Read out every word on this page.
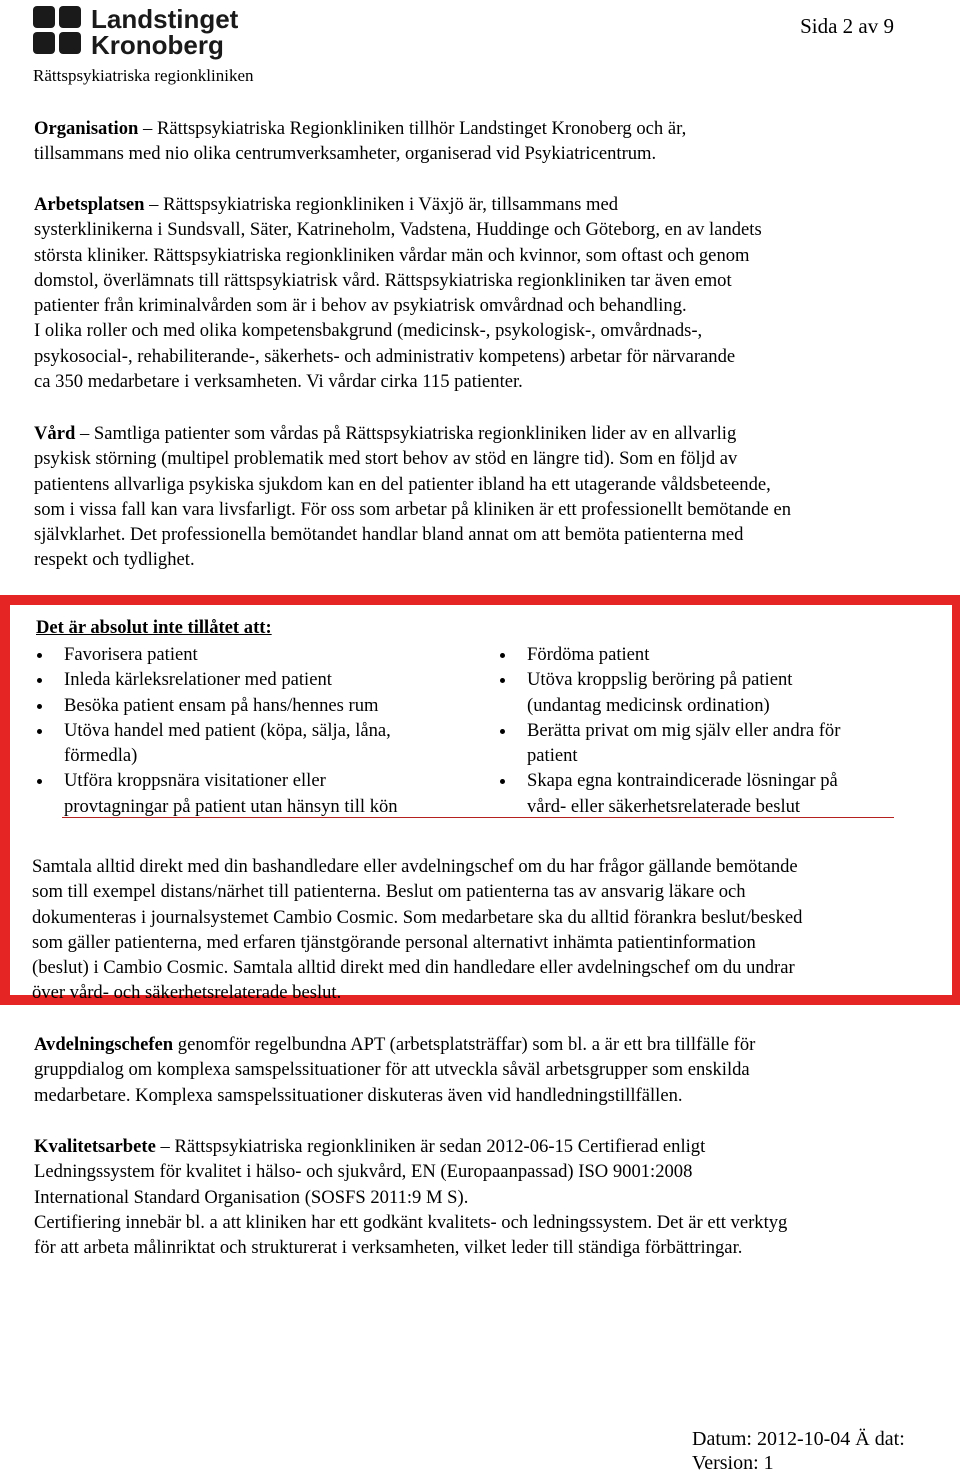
Landstinget
Kronoberg
Rättspsykiatriska regionkliniken
Sida 2 av 9
Organisation – Rättspsykiatriska Regionkliniken tillhör Landstinget Kronoberg och är,
tillsammans med nio olika centrumverksamheter, organiserad vid Psykiatricentrum.
Arbetsplatsen – Rättspsykiatriska regionkliniken i Växjö är, tillsammans med
systerklinikerna i Sundsvall, Säter, Katrineholm, Vadstena, Huddinge och Göteborg, en av landets
största kliniker. Rättspsykiatriska regionkliniken vårdar män och kvinnor, som oftast och genom
domstol, överlämnats till rättspsykiatrisk vård. Rättspsykiatriska regionkliniken tar även emot
patienter från kriminalvården som är i behov av psykiatrisk omvårdnad och behandling.
I olika roller och med olika kompetensbakgrund (medicinsk-, psykologisk-, omvårdnads-,
psykosocial-, rehabiliterande-, säkerhets- och administrativ kompetens) arbetar för närvarande
ca 350 medarbetare i verksamheten. Vi vårdar cirka 115 patienter.
Vård – Samtliga patienter som vårdas på Rättspsykiatriska regionkliniken lider av en allvarlig
psykisk störning (multipel problematik med stort behov av stöd en längre tid). Som en följd av
patientens allvarliga psykiska sjukdom kan en del patienter ibland ha ett utagerande våldsbeteende,
som i vissa fall kan vara livsfarligt. För oss som arbetar på kliniken är ett professionellt bemötande en
självklarhet. Det professionella bemötandet handlar bland annat om att bemöta patienterna med
respekt och tydlighet.
Det är absolut inte tillåtet att:
Favorisera patient
Inleda kärleksrelationer med patient
Besöka patient ensam på hans/hennes rum
Utöva handel med patient (köpa, sälja, låna,
förmedla)
Utföra kroppsnära visitationer eller
provtagningar på patient utan hänsyn till kön
Fördöma patient
Utöva kroppslig beröring på patient
(undantag medicinsk ordination)
Berätta privat om mig själv eller andra för
patient
Skapa egna kontraindicerade lösningar på
vård- eller säkerhetsrelaterade beslut
Samtala alltid direkt med din bashandledare eller avdelningschef om du har frågor gällande bemötande
som till exempel distans/närhet till patienterna. Beslut om patienterna tas av ansvarig läkare och
dokumenteras i journalsystemet Cambio Cosmic. Som medarbetare ska du alltid förankra beslut/besked
som gäller patienterna, med erfaren tjänstgörande personal alternativt inhämta patientinformation
(beslut) i Cambio Cosmic. Samtala alltid direkt med din handledare eller avdelningschef om du undrar
över vård- och säkerhetsrelaterade beslut.
Avdelningschefen genomför regelbundna APT (arbetsplatsträffar) som bl. a är ett bra tillfälle för
gruppdialog om komplexa samspelssituationer för att utveckla såväl arbetsgrupper som enskilda
medarbetare. Komplexa samspelssituationer diskuteras även vid handledningstillfällen.
Kvalitetsarbete – Rättspsykiatriska regionkliniken är sedan 2012-06-15 Certifierad enligt
Ledningssystem för kvalitet i hälso- och sjukvård, EN (Europaanpassad) ISO 9001:2008
International Standard Organisation (SOSFS 2011:9 M S).
Certifiering innebär bl. a att kliniken har ett godkänt kvalitets- och ledningssystem. Det är ett verktyg
för att arbeta målinriktat och strukturerat i verksamheten, vilket leder till ständiga förbättringar.
Datum: 2012-10-04 Ä dat:
Version: 1
